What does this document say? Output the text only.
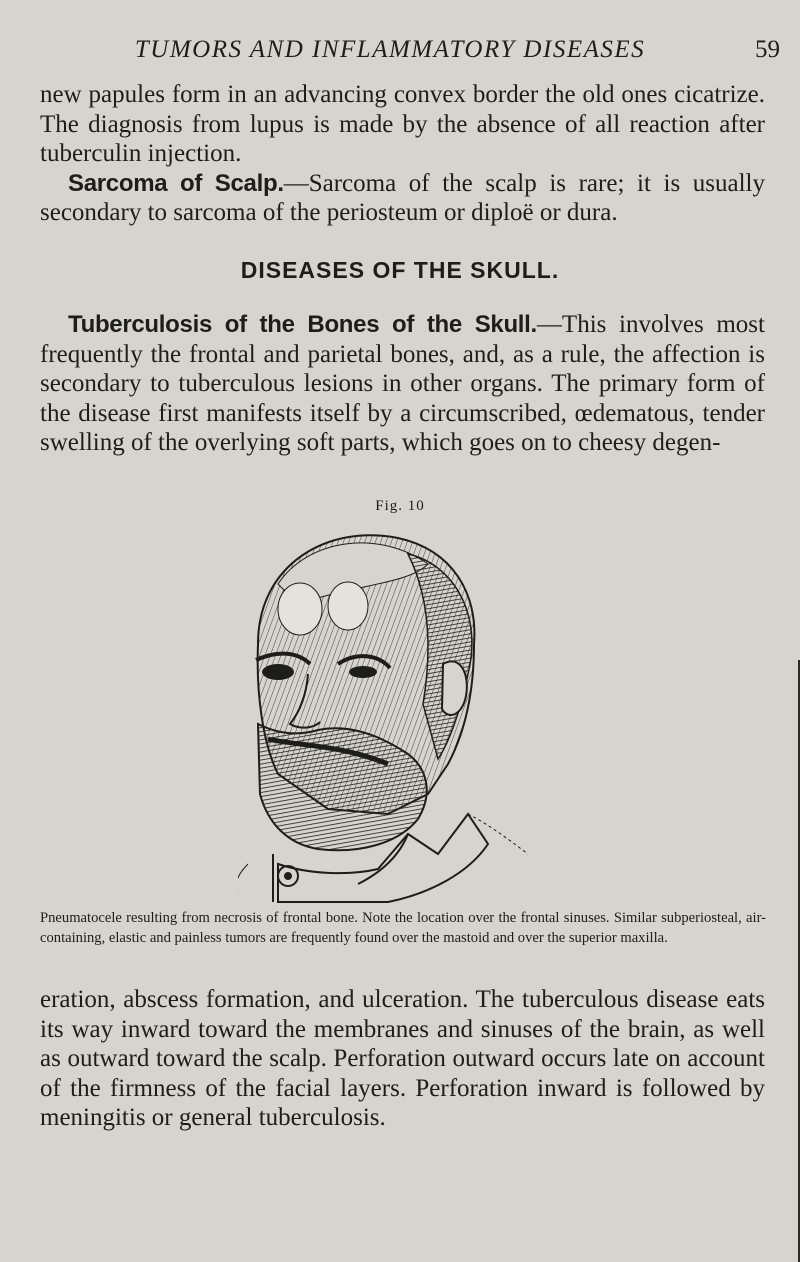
TUMORS AND INFLAMMATORY DISEASES	59

new papules form in an advancing convex border the old ones cicatrize. The diagnosis from lupus is made by the absence of all reaction after tuberculin injection.
Sarcoma of Scalp.—Sarcoma of the scalp is rare; it is usually secondary to sarcoma of the periosteum or diploë or dura.

DISEASES OF THE SKULL.

Tuberculosis of the Bones of the Skull.—This involves most frequently the frontal and parietal bones, and, as a rule, the affection is secondary to tuberculous lesions in other organs. The primary form of the disease first manifests itself by a circumscribed, œdematous, tender swelling of the overlying soft parts, which goes on to cheesy degen-

Fig. 10

Pneumatocele resulting from necrosis of frontal bone. Note the location over the frontal sinuses. Similar subperiosteal, air-containing, elastic and painless tumors are frequently found over the mastoid and over the superior maxilla.

eration, abscess formation, and ulceration. The tuberculous disease eats its way inward toward the membranes and sinuses of the brain, as well as outward toward the scalp. Perforation outward occurs late on account of the firmness of the facial layers. Perforation inward is followed by meningitis or general tuberculosis.
